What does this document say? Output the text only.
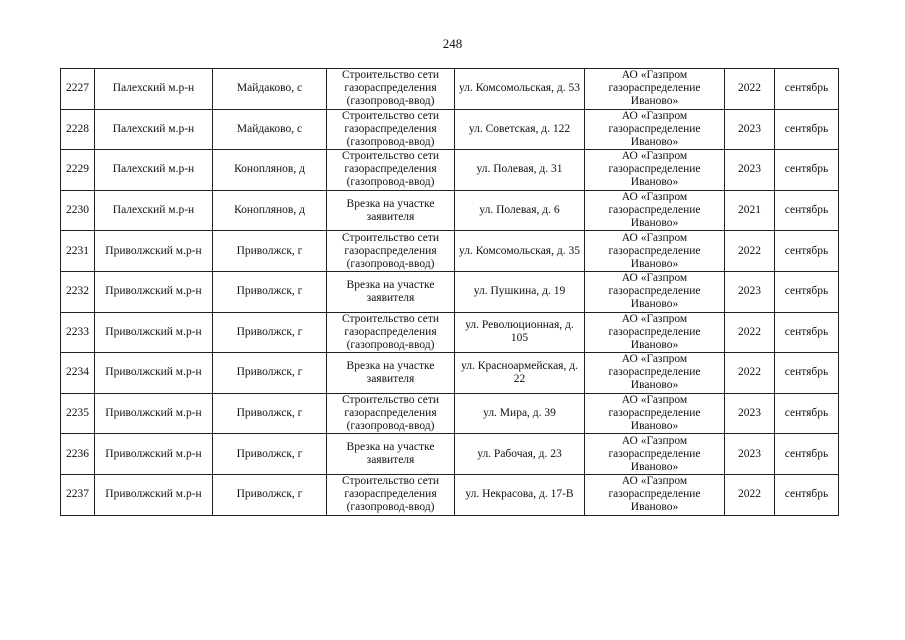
248
2227	Палехский м.р-н	Майдаково, с	Строительство сети газораспределения (газопровод-ввод)	ул. Комсомольская, д. 53	АО «Газпром газораспределение Иваново»	2022	сентябрь
2228	Палехский м.р-н	Майдаково, с	Строительство сети газораспределения (газопровод-ввод)	ул. Советская, д. 122	АО «Газпром газораспределение Иваново»	2023	сентябрь
2229	Палехский м.р-н	Коноплянов, д	Строительство сети газораспределения (газопровод-ввод)	ул. Полевая, д. 31	АО «Газпром газораспределение Иваново»	2023	сентябрь
2230	Палехский м.р-н	Коноплянов, д	Врезка на участке заявителя	ул. Полевая, д. 6	АО «Газпром газораспределение Иваново»	2021	сентябрь
2231	Приволжский м.р-н	Приволжск, г	Строительство сети газораспределения (газопровод-ввод)	ул. Комсомольская, д. 35	АО «Газпром газораспределение Иваново»	2022	сентябрь
2232	Приволжский м.р-н	Приволжск, г	Врезка на участке заявителя	ул. Пушкина, д. 19	АО «Газпром газораспределение Иваново»	2023	сентябрь
2233	Приволжский м.р-н	Приволжск, г	Строительство сети газораспределения (газопровод-ввод)	ул. Революционная, д. 105	АО «Газпром газораспределение Иваново»	2022	сентябрь
2234	Приволжский м.р-н	Приволжск, г	Врезка на участке заявителя	ул. Красноармейская, д. 22	АО «Газпром газораспределение Иваново»	2022	сентябрь
2235	Приволжский м.р-н	Приволжск, г	Строительство сети газораспределения (газопровод-ввод)	ул. Мира, д. 39	АО «Газпром газораспределение Иваново»	2023	сентябрь
2236	Приволжский м.р-н	Приволжск, г	Врезка на участке заявителя	ул. Рабочая, д. 23	АО «Газпром газораспределение Иваново»	2023	сентябрь
2237	Приволжский м.р-н	Приволжск, г	Строительство сети газораспределения (газопровод-ввод)	ул. Некрасова, д. 17-В	АО «Газпром газораспределение Иваново»	2022	сентябрь
